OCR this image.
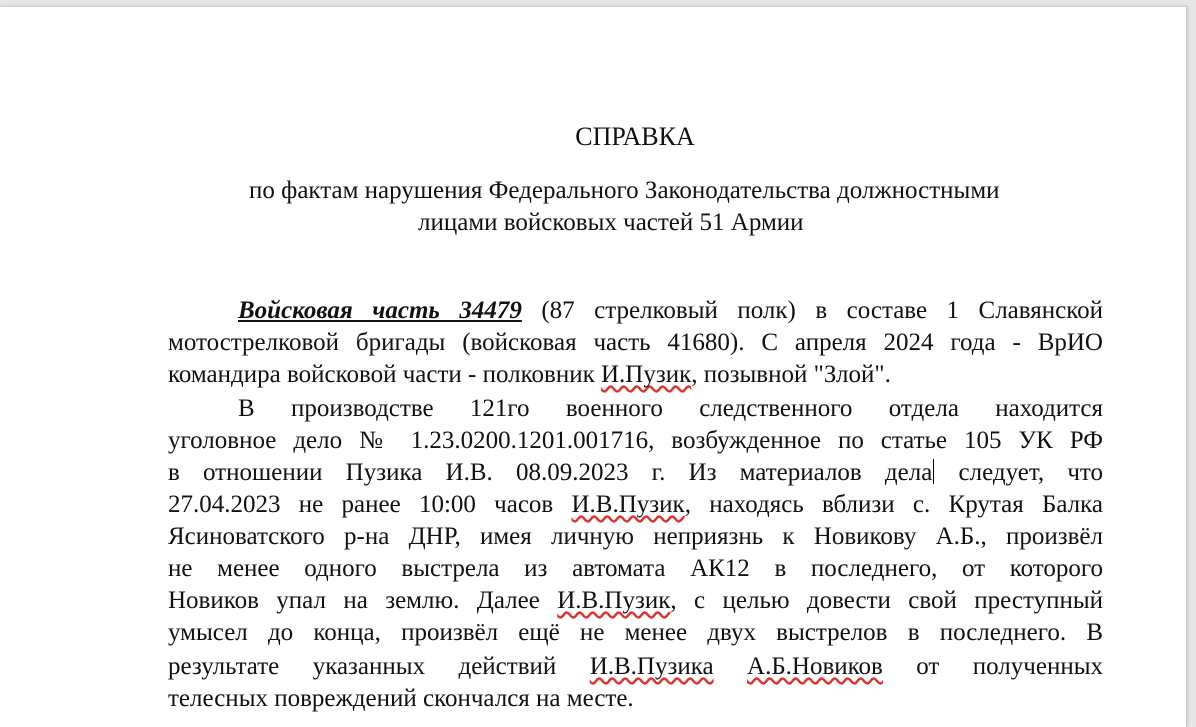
СПРАВКА
по фактам нарушения Федерального Законодательства должностными
лицами войсковых частей 51 Армии
Войсковая часть 34479 (87 стрелковый полк) в составе 1 Славянской
мотострелковой бригады (войсковая часть 41680). С апреля 2024 года - ВрИО
командира войсковой части - полковник И.Пузик, позывной "Злой".
В производстве 121го военного следственного отдела находится
уголовное дело № 1.23.0200.1201.001716, возбужденное по статье 105 УК РФ
в отношении Пузика И.В. 08.09.2023 г. Из материалов дела следует, что
27.04.2023 не ранее 10:00 часов И.В.Пузик, находясь вблизи с. Крутая Балка
Ясиноватского р-на ДНР, имея личную неприязнь к Новикову А.Б., произвёл
не менее одного выстрела из автомата АК12 в последнего, от которого
Новиков упал на землю. Далее И.В.Пузик, с целью довести свой преступный
умысел до конца, произвёл ещё не менее двух выстрелов в последнего. В
результате указанных действий И.В.Пузика А.Б.Новиков от полученных
телесных повреждений скончался на месте.
